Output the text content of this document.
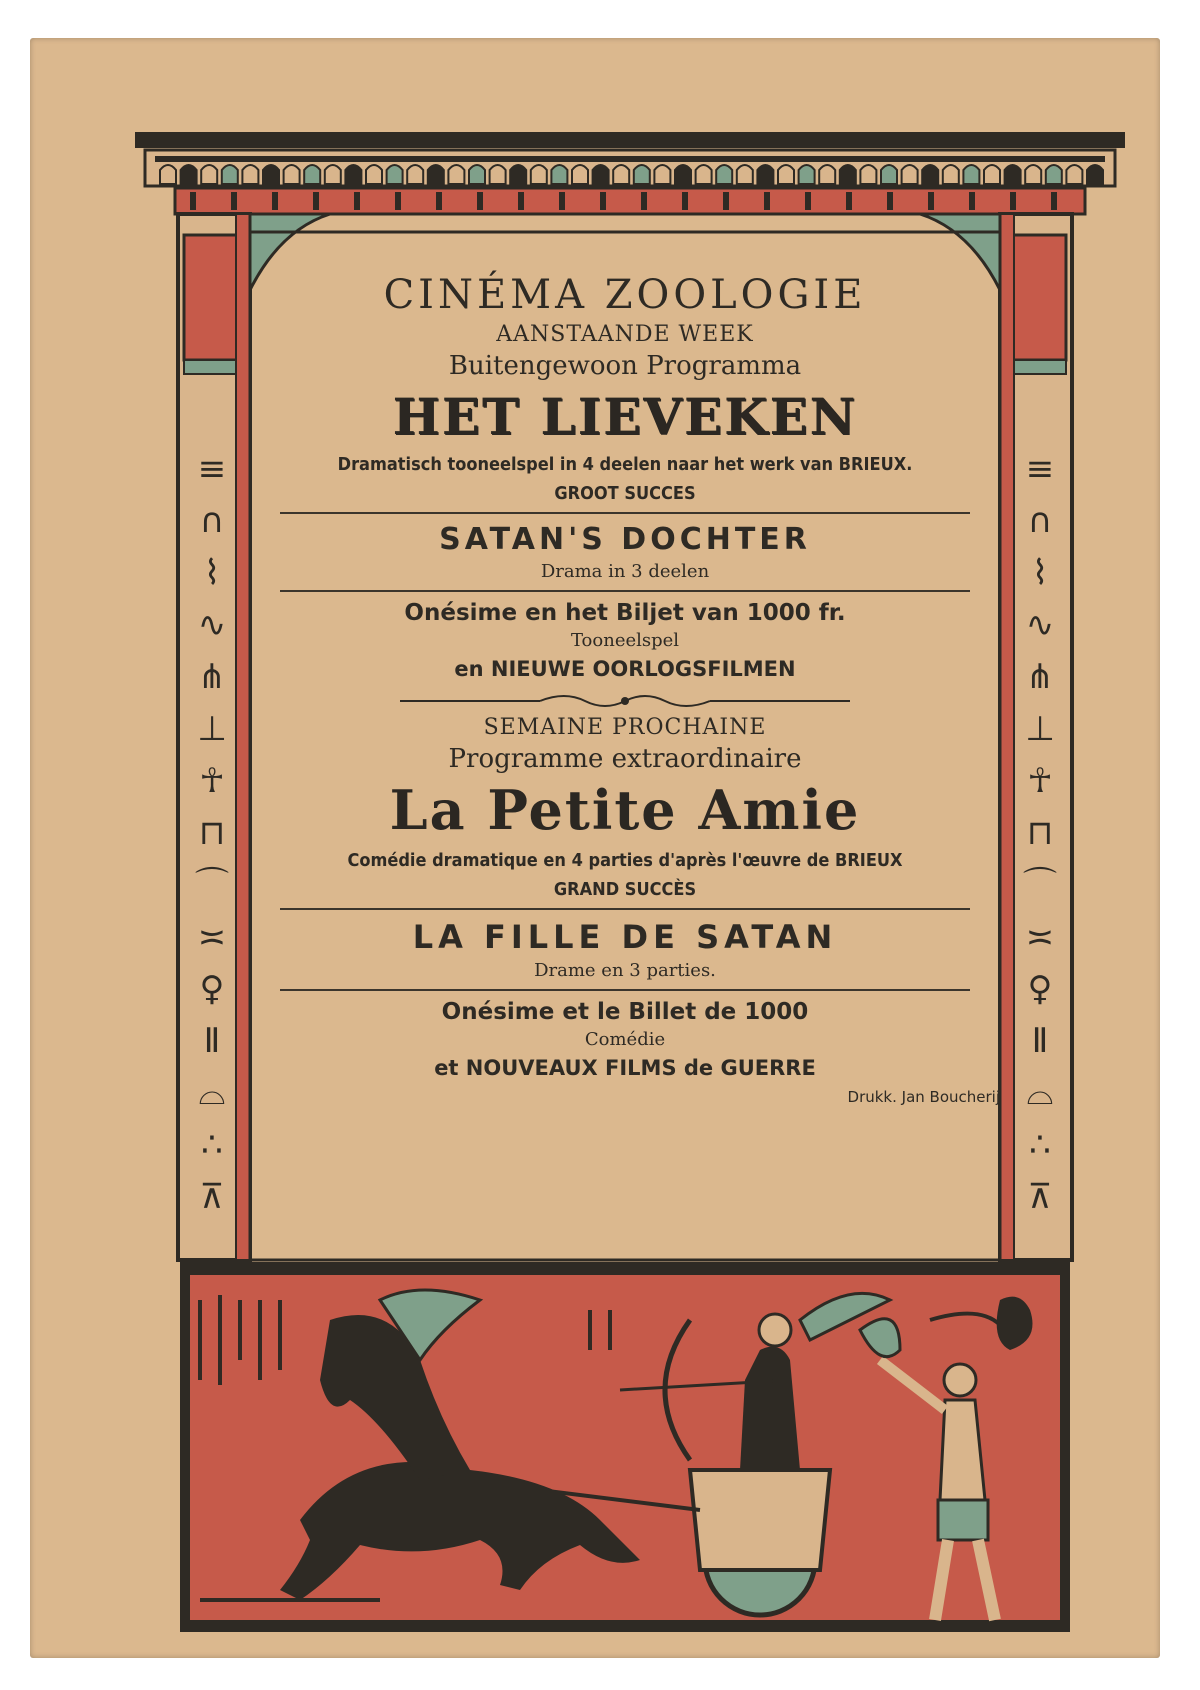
≡
∩
⌇
∿
⋔
⊥
☥
⊓
⌒
≍
♀
Ⅱ
⌓
∴
⊼
≡
∩
⌇
∿
⋔
⊥
☥
⊓
⌒
≍
♀
Ⅱ
⌓
∴
⊼
CINÉMA ZOOLOGIE
AANSTAANDE WEEK
Buitengewoon Programma
HET LIEVEKEN
Dramatisch tooneelspel in 4 deelen naar het werk van BRIEUX.
GROOT SUCCES
SATAN'S DOCHTER
Drama in 3 deelen
Onésime en het Biljet van 1000 fr.
Tooneelspel
en NIEUWE OORLOGSFILMEN
SEMAINE PROCHAINE
Programme extraordinaire
La Petite Amie
Comédie dramatique en 4 parties d'après l'œuvre de BRIEUX
GRAND SUCCÈS
LA FILLE DE SATAN
Drame en 3 parties.
Onésime et le Billet de 1000
Comédie
et NOUVEAUX FILMS de GUERRE
Drukk. Jan Boucherij
